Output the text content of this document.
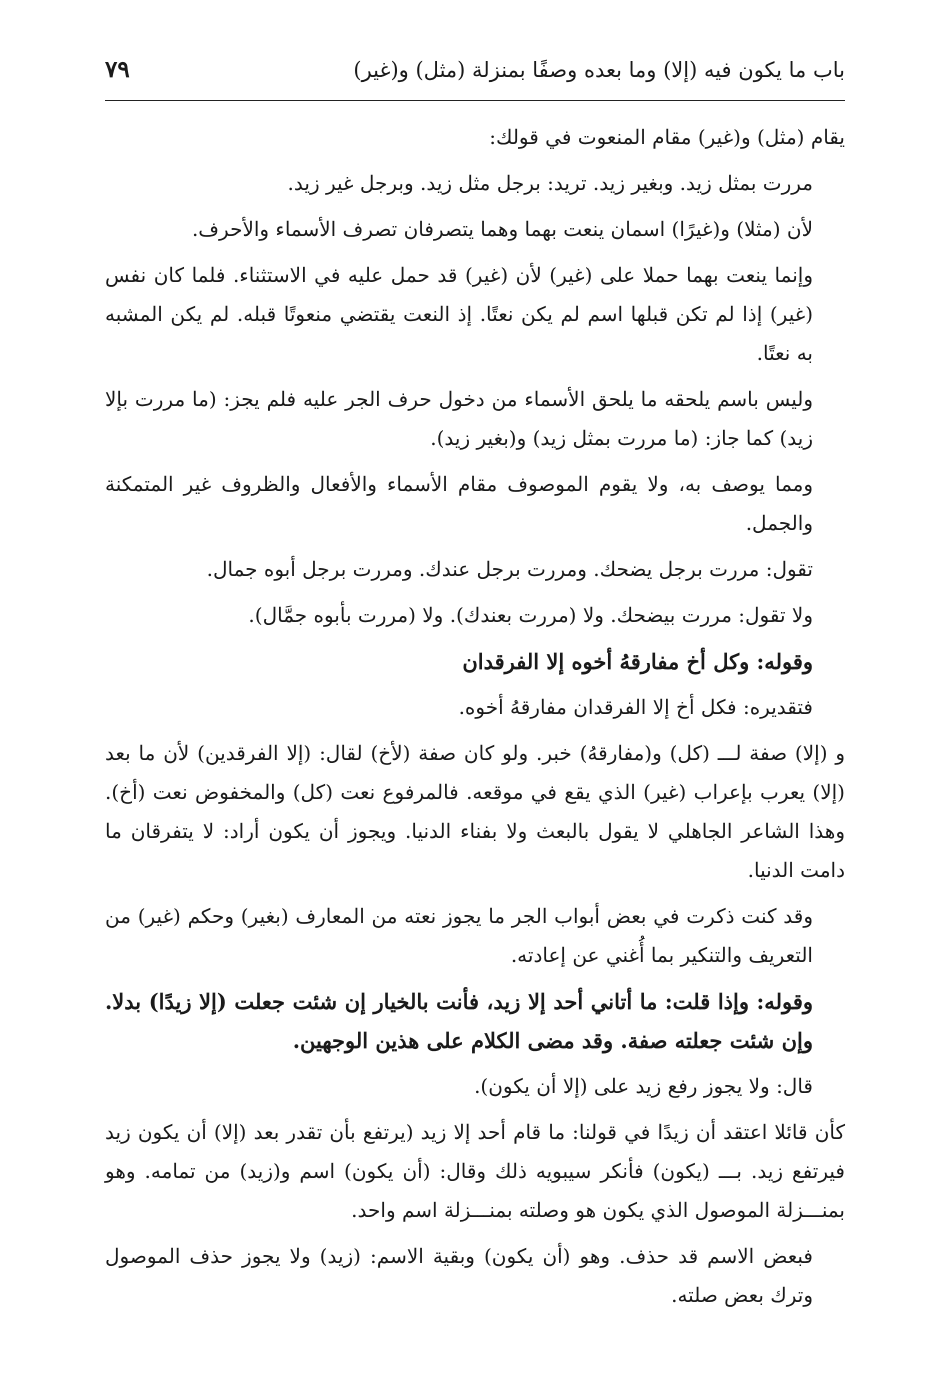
باب ما يكون فيه (إلا) وما بعده وصفًا بمنزلة (مثل) و(غير)
٧٩

يقام (مثل) و(غير) مقام المنعوت في قولك:

مررت بمثل زيد. وبغير زيد. تريد: برجل مثل زيد. وبرجل غير زيد.

لأن (مثلا) و(غيرًا) اسمان ينعت بهما وهما يتصرفان تصرف الأسماء والأحرف.

وإنما ينعت بهما حملا على (غير) لأن (غير) قد حمل عليه في الاستثناء. فلما كان نفس (غير) إذا لم تكن قبلها اسم لم يكن نعتًا. إذ النعت يقتضي منعوتًا قبله. لم يكن المشبه به نعتًا.

وليس باسم يلحقه ما يلحق الأسماء من دخول حرف الجر عليه فلم يجز: (ما مررت بإلا زيد) كما جاز: (ما مررت بمثل زيد) و(بغير زيد).

ومما يوصف به، ولا يقوم الموصوف مقام الأسماء والأفعال والظروف غير المتمكنة والجمل.

تقول: مررت برجل يضحك. ومررت برجل عندك. ومررت برجل أبوه جمال.

ولا تقول: مررت بيضحك. ولا (مررت بعندك). ولا (مررت بأبوه جمَّال).

وقوله: وكل أخ مفارقهُ أخوه إلا الفرقدان

فتقديره: فكل أخ إلا الفرقدان مفارقهُ أخوه.

و (إلا) صفة لـــ (كل) و(مفارقهُ) خبر. ولو كان صفة (لأخ) لقال: (إلا الفرقدين) لأن ما بعد (إلا) يعرب بإعراب (غير) الذي يقع في موقعه. فالمرفوع نعت (كل) والمخفوض نعت (أخ). وهذا الشاعر الجاهلي لا يقول بالبعث ولا بفناء الدنيا. ويجوز أن يكون أراد: لا يتفرقان ما دامت الدنيا.

وقد كنت ذكرت في بعض أبواب الجر ما يجوز نعته من المعارف (بغير) وحكم (غير) من التعريف والتنكير بما أُغني عن إعادته.

وقوله: وإذا قلت: ما أتاني أحد إلا زيد، فأنت بالخيار إن شئت جعلت (إلا زيدًا) بدلا. وإن شئت جعلته صفة. وقد مضى الكلام على هذين الوجهين.

قال: ولا يجوز رفع زيد على (إلا أن يكون).

كأن قائلا اعتقد أن زيدًا في قولنا: ما قام أحد إلا زيد (يرتفع بأن تقدر بعد (إلا) أن يكون زيد فيرتفع زيد. بـــ (يكون) فأنكر سيبويه ذلك وقال: (أن يكون) اسم و(زيد) من تمامه. وهو بمنـــزلة الموصول الذي يكون هو وصلته بمنـــزلة اسم واحد.

فبعض الاسم قد حذف. وهو (أن يكون) وبقية الاسم: (زيد) ولا يجوز حذف الموصول وترك بعض صلته.
